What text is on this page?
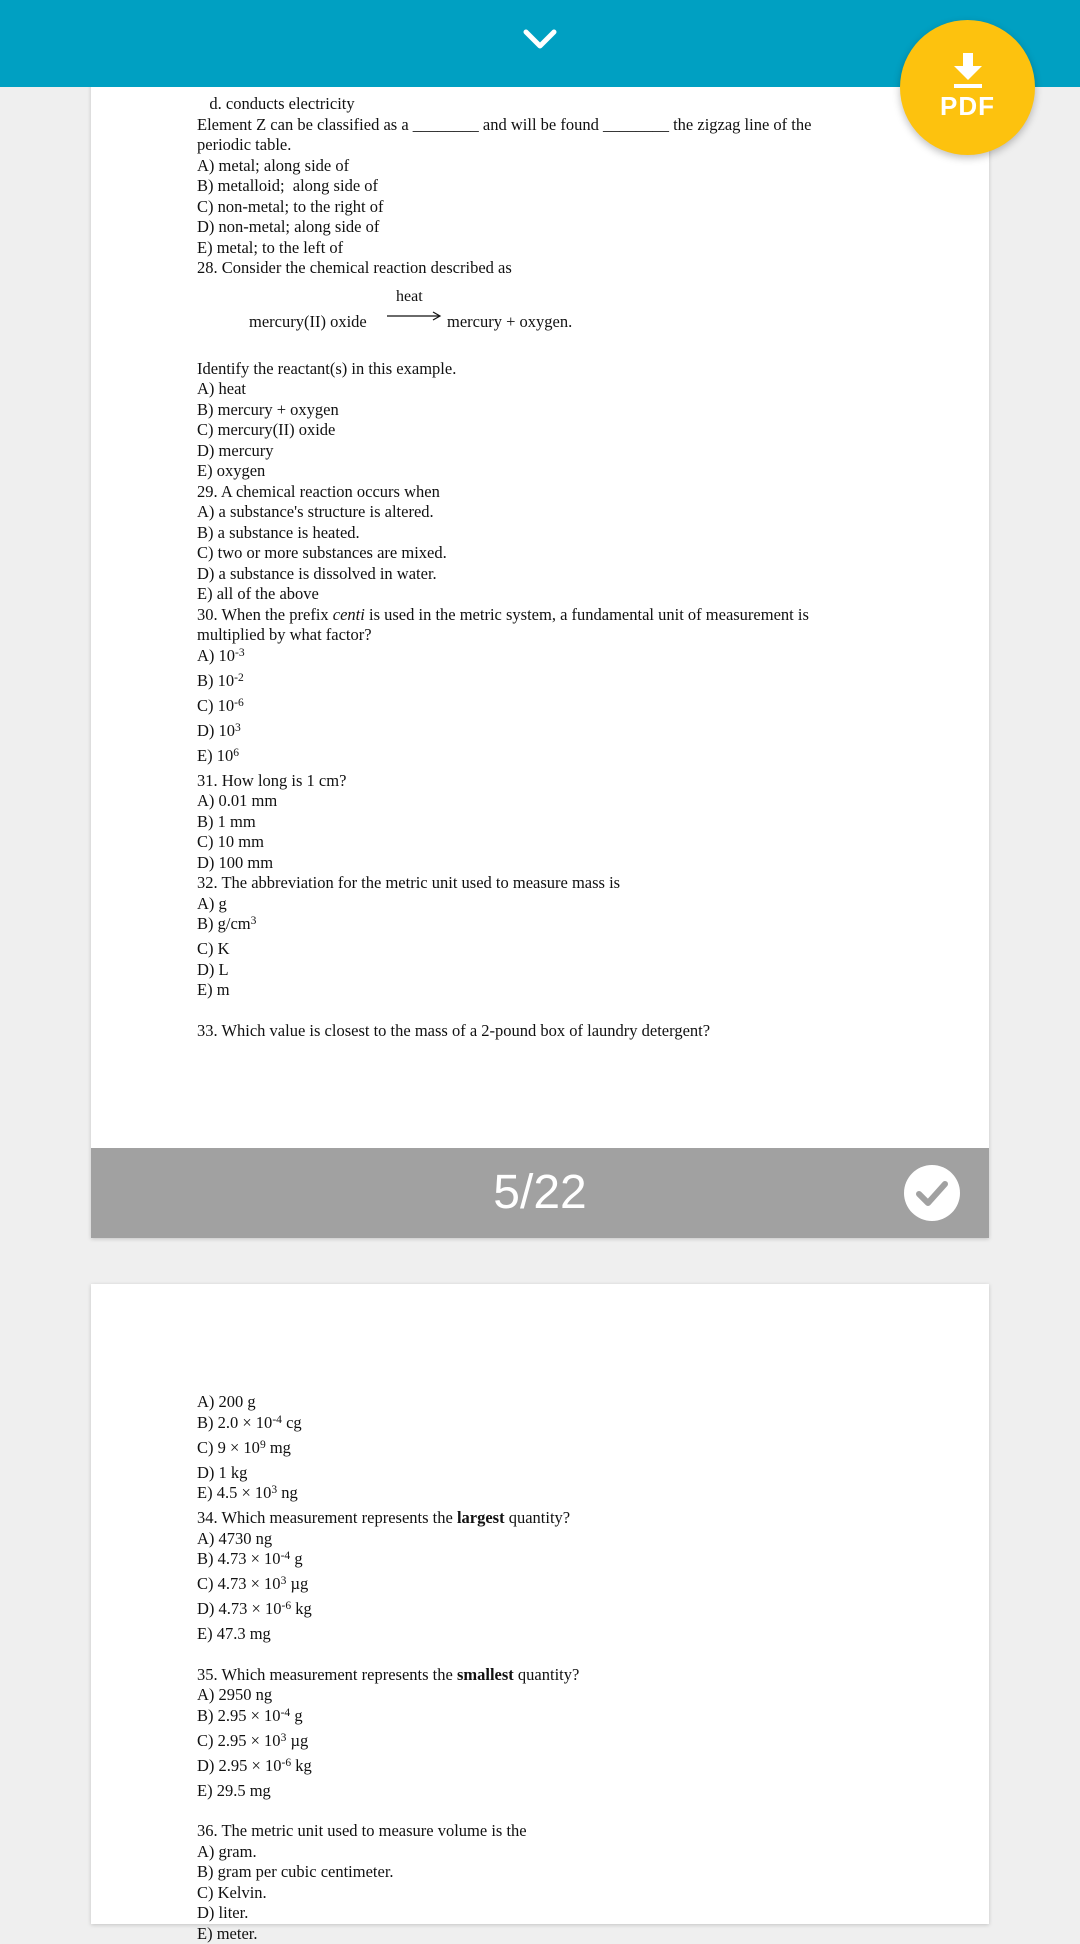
PDF
d. conducts electricity
Element Z can be classified as a ________ and will be found ________ the zigzag line of the
periodic table.
A) metal; along side of
B) metalloid;  along side of
C) non-metal; to the right of
D) non-metal; along side of
E) metal; to the left of
28. Consider the chemical reaction described as
mercury(II) oxide
heat
→ mercury + oxygen.
Identify the reactant(s) in this example.
A) heat
B) mercury + oxygen
C) mercury(II) oxide
D) mercury
E) oxygen
29. A chemical reaction occurs when
A) a substance's structure is altered.
B) a substance is heated.
C) two or more substances are mixed.
D) a substance is dissolved in water.
E) all of the above
30. When the prefix centi is used in the metric system, a fundamental unit of measurement is
multiplied by what factor?
A) $10^{-3}$
B) $10^{-2}$
C) $10^{-6}$
D) $10^3$
E) $10^6$
31. How long is 1 cm?
A) 0.01 mm
B) 1 mm
C) 10 mm
D) 100 mm
32. The abbreviation for the metric unit used to measure mass is
A) g
B) $g/cm^3$
C) K
D) L
E) m
33. Which value is closest to the mass of a 2-pound box of laundry detergent?
5/22
A) 200 g
B) $2.0 \times 10^{-4}$ cg
C) $9 \times 10^9$ mg
D) 1 kg
E) $4.5 \times 10^3$ ng
34. Which measurement represents the largest quantity?
A) 4730 ng
B) $4.73 \times 10^{-4}$ g
C) $4.73 \times 10^3$ µg
D) $4.73 \times 10^{-6}$ kg
E) 47.3 mg
35. Which measurement represents the smallest quantity?
A) 2950 ng
B) $2.95 \times 10^{-4}$ g
C) $2.95 \times 10^3$ µg
D) $2.95 \times 10^{-6}$ kg
E) 29.5 mg
36. The metric unit used to measure volume is the
A) gram.
B) gram per cubic centimeter.
C) Kelvin.
D) liter.
E) meter.
